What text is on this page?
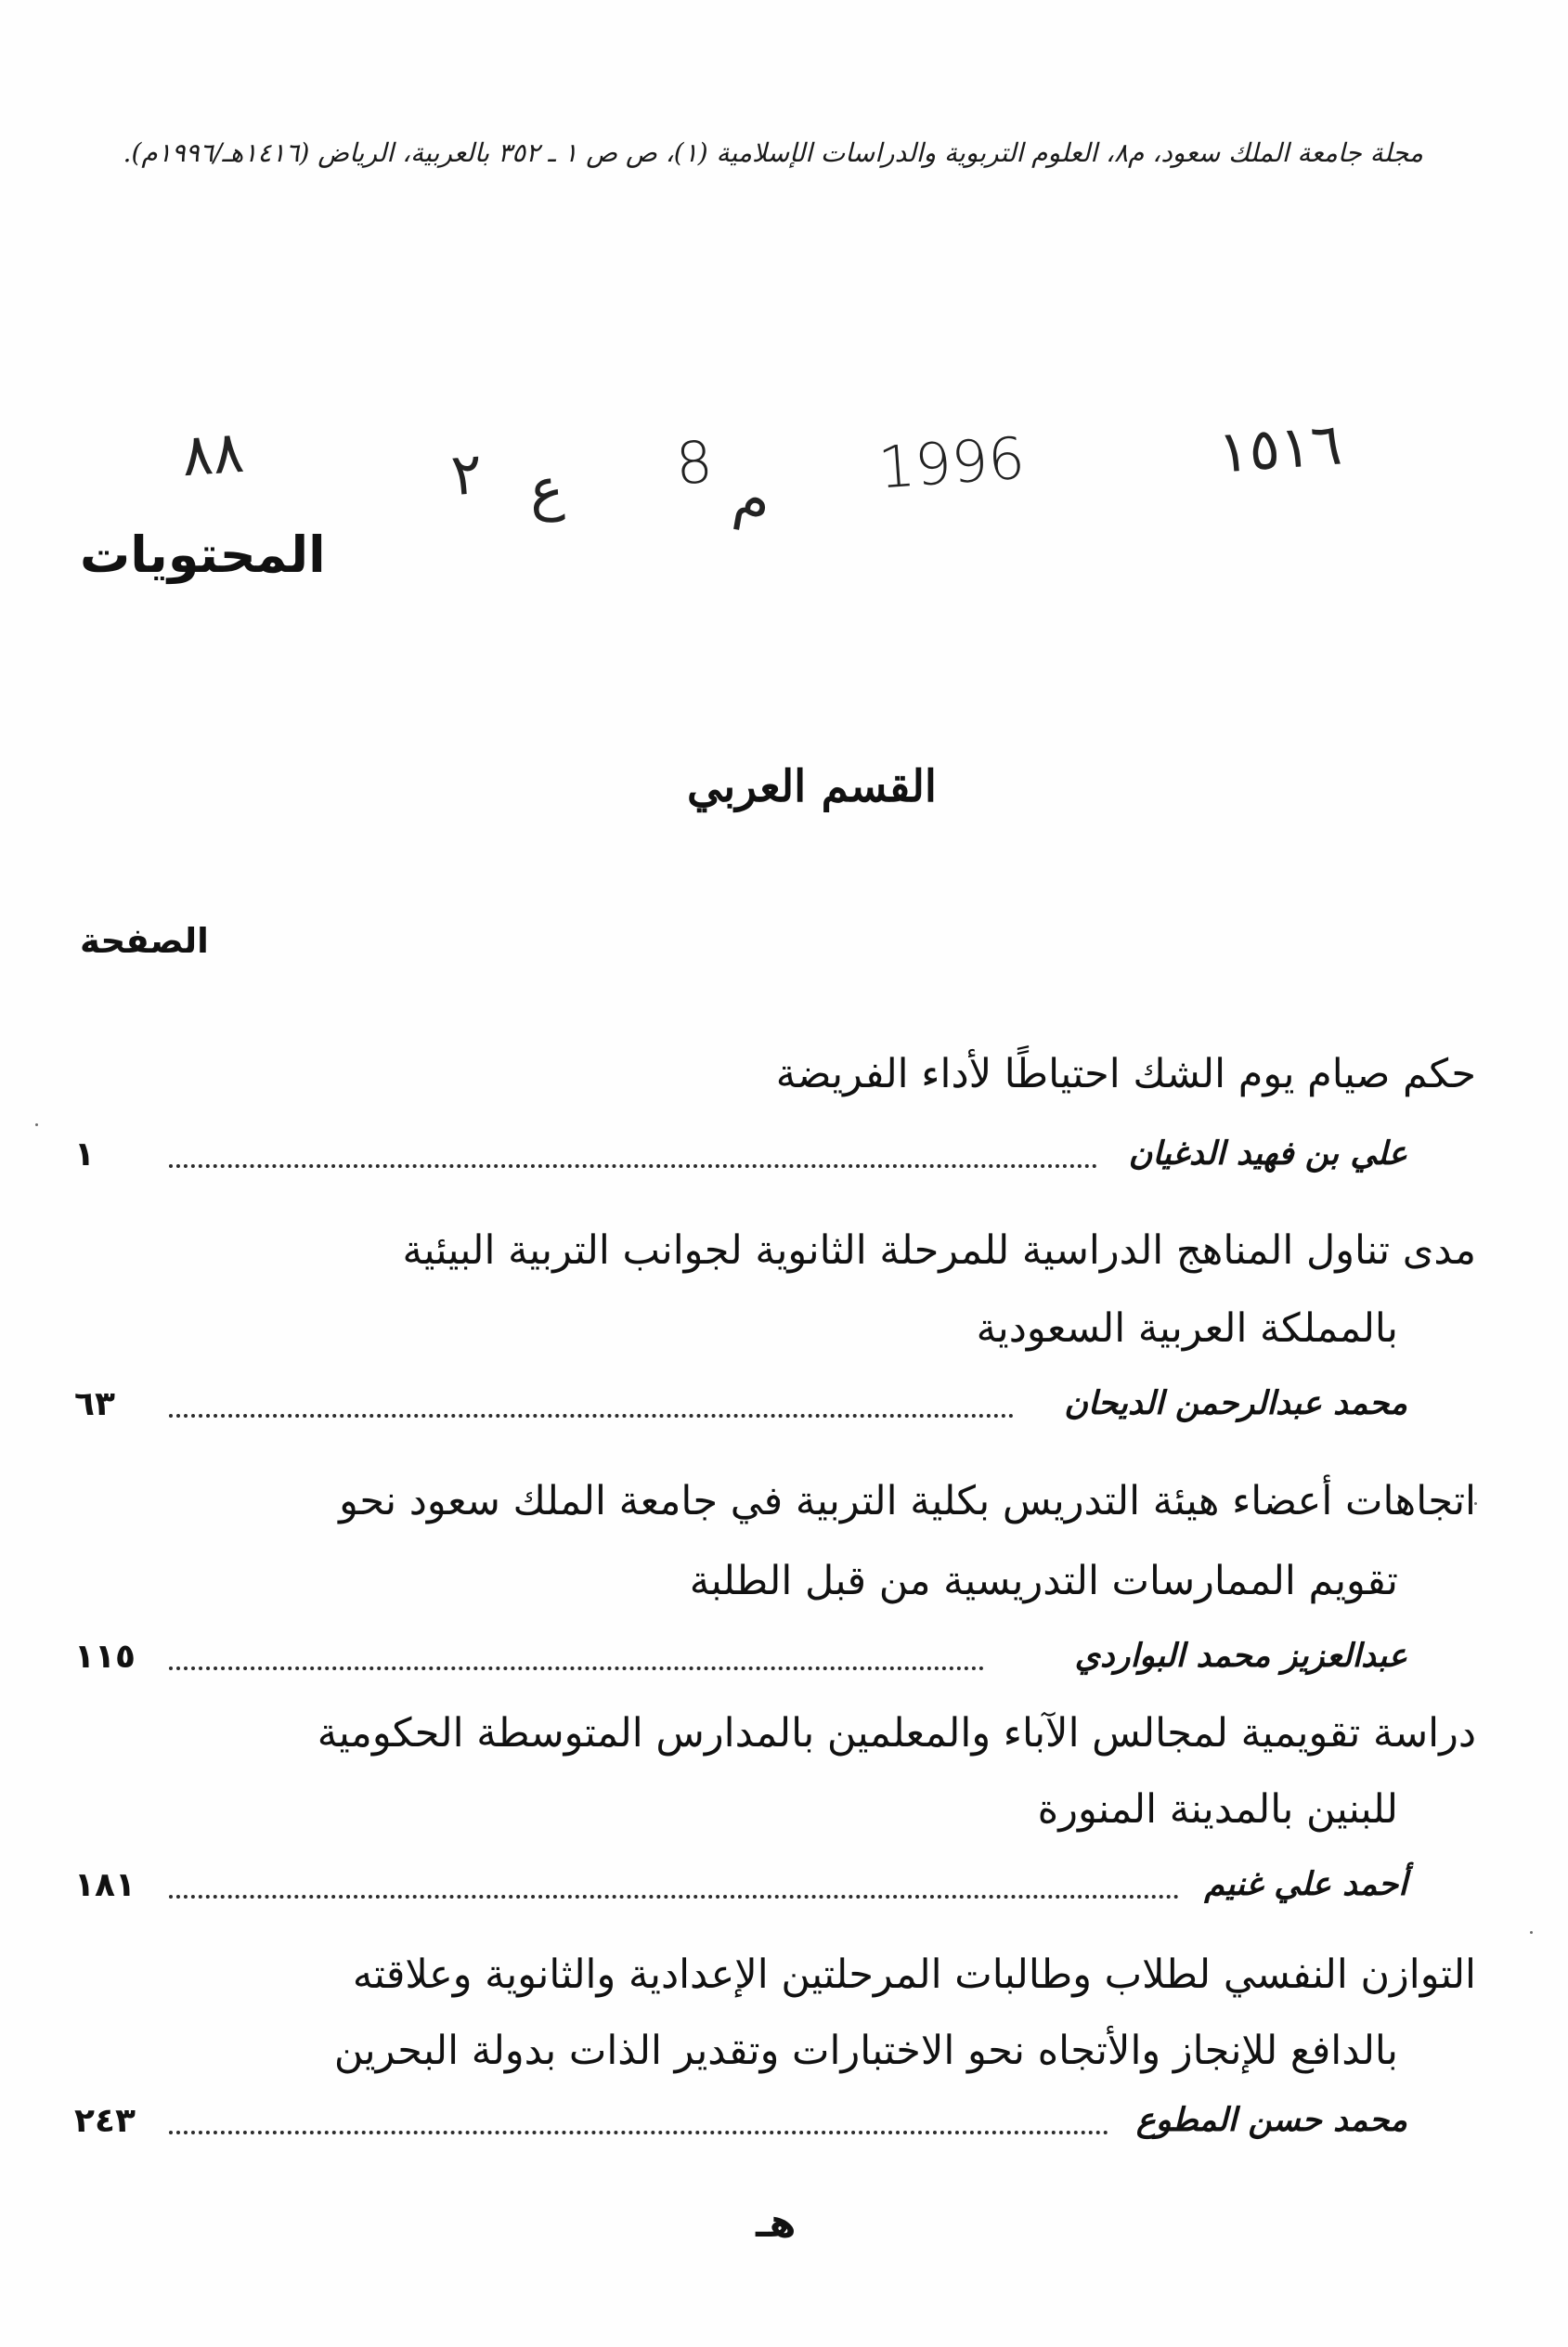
مجلة جامعة الملك سعود، م٨، العلوم التربوية والدراسات الإسلامية (١)، ص ص ١ ـ ٣٥٢ بالعربية، الرياض (١٤١٦هـ/١٩٩٦م).
٨٨	٢ ع 8 م 1996	١٥١٦
المحتويات
القسم العربي
الصفحة
حكم صيام يوم الشك احتياطًا لأداء الفريضة
علي بن فهيد الدغيان
١
مدى تناول المناهج الدراسية للمرحلة الثانوية لجوانب التربية البيئية
بالمملكة العربية السعودية
محمد عبدالرحمن الديحان
٦٣
اتجاهات أعضاء هيئة التدريس بكلية التربية في جامعة الملك سعود نحو
تقويم الممارسات التدريسية من قبل الطلبة
عبدالعزيز محمد البواردي
١١٥
دراسة تقويمية لمجالس الآباء والمعلمين بالمدارس المتوسطة الحكومية
للبنين بالمدينة المنورة
أحمد علي غنيم
١٨١
التوازن النفسي لطلاب وطالبات المرحلتين الإعدادية والثانوية وعلاقته
بالدافع للإنجاز والأتجاه نحو الاختبارات وتقدير الذات بدولة البحرين
محمد حسن المطوع
٢٤٣
هـ
